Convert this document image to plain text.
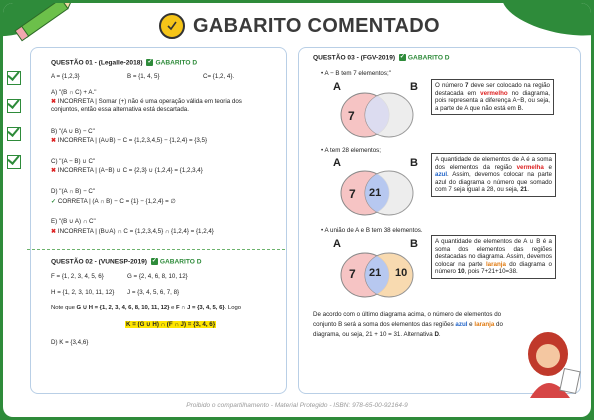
GABARITO COMENTADO
QUESTÃO 01 - (Legalle-2018) ✓ GABARITO D
A = {1,2,3}	B = {1, 4, 5}	C= {1,2, 4}.
A) "(B ∩ C) + A."
✖ INCORRETA | Somar (+) não é uma operação válida em teoria dos
conjuntos, então essa alternativa está descartada.
B) "(A ∪ B) − C"
✖ INCORRETA | (A∪B) − C = {1,2,3,4,5} − {1,2,4} = {3,5}
C) "(A − B) ∪ C"
✖ INCORRETA | (A−B) ∪ C = {2,3} ∪ {1,2,4} = {1,2,3,4}
D) "(A ∩ B) − C"
✓ CORRETA | (A ∩ B) − C = {1} − {1,2,4} = ∅
E) "(B ∪ A) ∩ C"
✖ INCORRETA | (B∪A) ∩ C = {1,2,3,4,5} ∩ {1,2,4} = {1,2,4}
QUESTÃO 02 - (VUNESP-2019) ✓ GABARITO D
F = {1, 2, 3, 4, 5, 6}	G = {2, 4, 6, 8, 10, 12}
H = {1, 2, 3, 10, 11, 12} J = {3, 4, 5, 6, 7, 8}
Note que G ∪ H = {1, 2, 3, 4, 6, 8, 10, 11, 12} e F ∩ J = {3, 4, 5, 6}. Logo
K = (G ∪ H) ∩ (F ∩ J) = {3, 4, 6}
D) K = {3,4,6}
QUESTÃO 03 - (FGV-2019) ✓ GABARITO D
• A − B tem 7 elementos;"
• A tem 28 elementos;
• A união de A e B tem 38 elementos.
A	B
7
A	B
7 21
A	B
7 21 10
O número 7 deve ser colocado na região destacada em vermelho no diagrama, pois representa a diferença A−B, ou seja, a parte de A que não está em B.
A quantidade de elementos de A é a soma dos elementos da região vermelha e azul. Assim, devemos colocar na parte azul do diagrama o número que somado com 7 seja igual a 28, ou seja, 21.
A quantidade de elementos de A ∪ B é a soma dos elementos das regiões destacadas no diagrama. Assim, devemos colocar na parte laranja do diagrama o número 10, pois 7+21+10=38.
De acordo com o último diagrama acima, o número de elementos do
conjunto B será a soma dos elementos das regiões azul e laranja do
diagrama, ou seja, 21 + 10 = 31. Alternativa D.
Proibido o compartilhamento - Material Protegido - ISBN: 978-65-00-92164-9
